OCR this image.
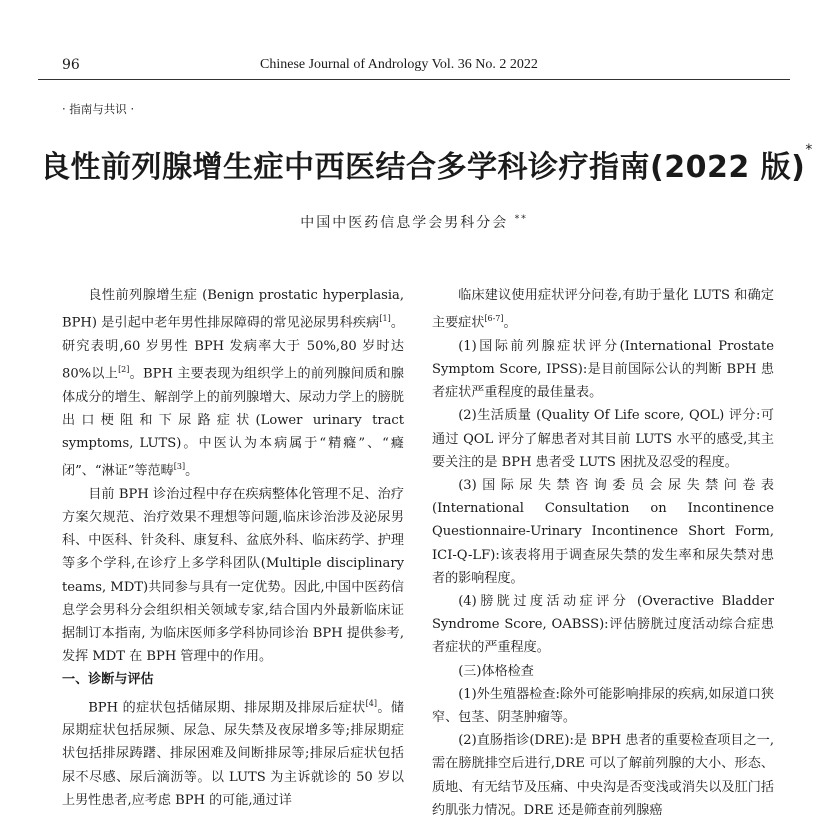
96	Chinese Journal of Andrology Vol. 36 No. 2 2022
· 指南与共识 ·
良性前列腺增生症中西医结合多学科诊疗指南(2022 版)*
中国中医药信息学会男科分会 **

良性前列腺增生症 (Benign prostatic hyperplasia, BPH) 是引起中老年男性排尿障碍的常见泌尿男科疾病[1]。研究表明,60 岁男性 BPH 发病率大于 50%,80 岁时达 80%以上[2]。BPH 主要表现为组织学上的前列腺间质和腺体成分的增生、解剖学上的前列腺增大、尿动力学上的膀胱出口梗阻和下尿路症状(Lower urinary tract symptoms, LUTS)。中医认为本病属于“精癃”、“癃闭”、“淋证”等范畴[3]。

目前 BPH 诊治过程中存在疾病整体化管理不足、治疗方案欠规范、治疗效果不理想等问题,临床诊治涉及泌尿男科、中医科、针灸科、康复科、盆底外科、临床药学、护理等多个学科,在诊疗上多学科团队(Multiple disciplinary teams, MDT)共同参与具有一定优势。因此,中国中医药信息学会男科分会组织相关领域专家,结合国内外最新临床证据制订本指南, 为临床医师多学科协同诊治 BPH 提供参考, 发挥 MDT 在 BPH 管理中的作用。

一、诊断与评估

BPH 的症状包括储尿期、排尿期及排尿后症状[4]。储尿期症状包括尿频、尿急、尿失禁及夜尿增多等;排尿期症状包括排尿踌躇、排尿困难及间断排尿等;排尿后症状包括尿不尽感、尿后滴沥等。以 LUTS 为主诉就诊的 50 岁以上男性患者,应考虑 BPH 的可能,通过详

临床建议使用症状评分问卷,有助于量化 LUTS 和确定主要症状[6-7]。

(1)国际前列腺症状评分(International Prostate Symptom Score, IPSS):是目前国际公认的判断 BPH 患者症状严重程度的最佳量表。

(2)生活质量 (Quality Of Life score, QOL) 评分:可通过 QOL 评分了解患者对其目前 LUTS 水平的感受,其主要关注的是 BPH 患者受 LUTS 困扰及忍受的程度。

(3)国际尿失禁咨询委员会尿失禁问卷表(International Consultation on Incontinence Questionnaire-Urinary Incontinence Short Form, ICI-Q-LF):该表将用于调查尿失禁的发生率和尿失禁对患者的影响程度。

(4)膀胱过度活动症评分 (Overactive Bladder Syndrome Score, OABSS):评估膀胱过度活动综合症患者症状的严重程度。

(三)体格检查

(1)外生殖器检查:除外可能影响排尿的疾病,如尿道口狭窄、包茎、阴茎肿瘤等。

(2)直肠指诊(DRE):是 BPH 患者的重要检查项目之一,需在膀胱排空后进行,DRE 可以了解前列腺的大小、形态、质地、有无结节及压痛、中央沟是否变浅或消失以及肛门括约肌张力情况。DRE 还是筛查前列腺癌
